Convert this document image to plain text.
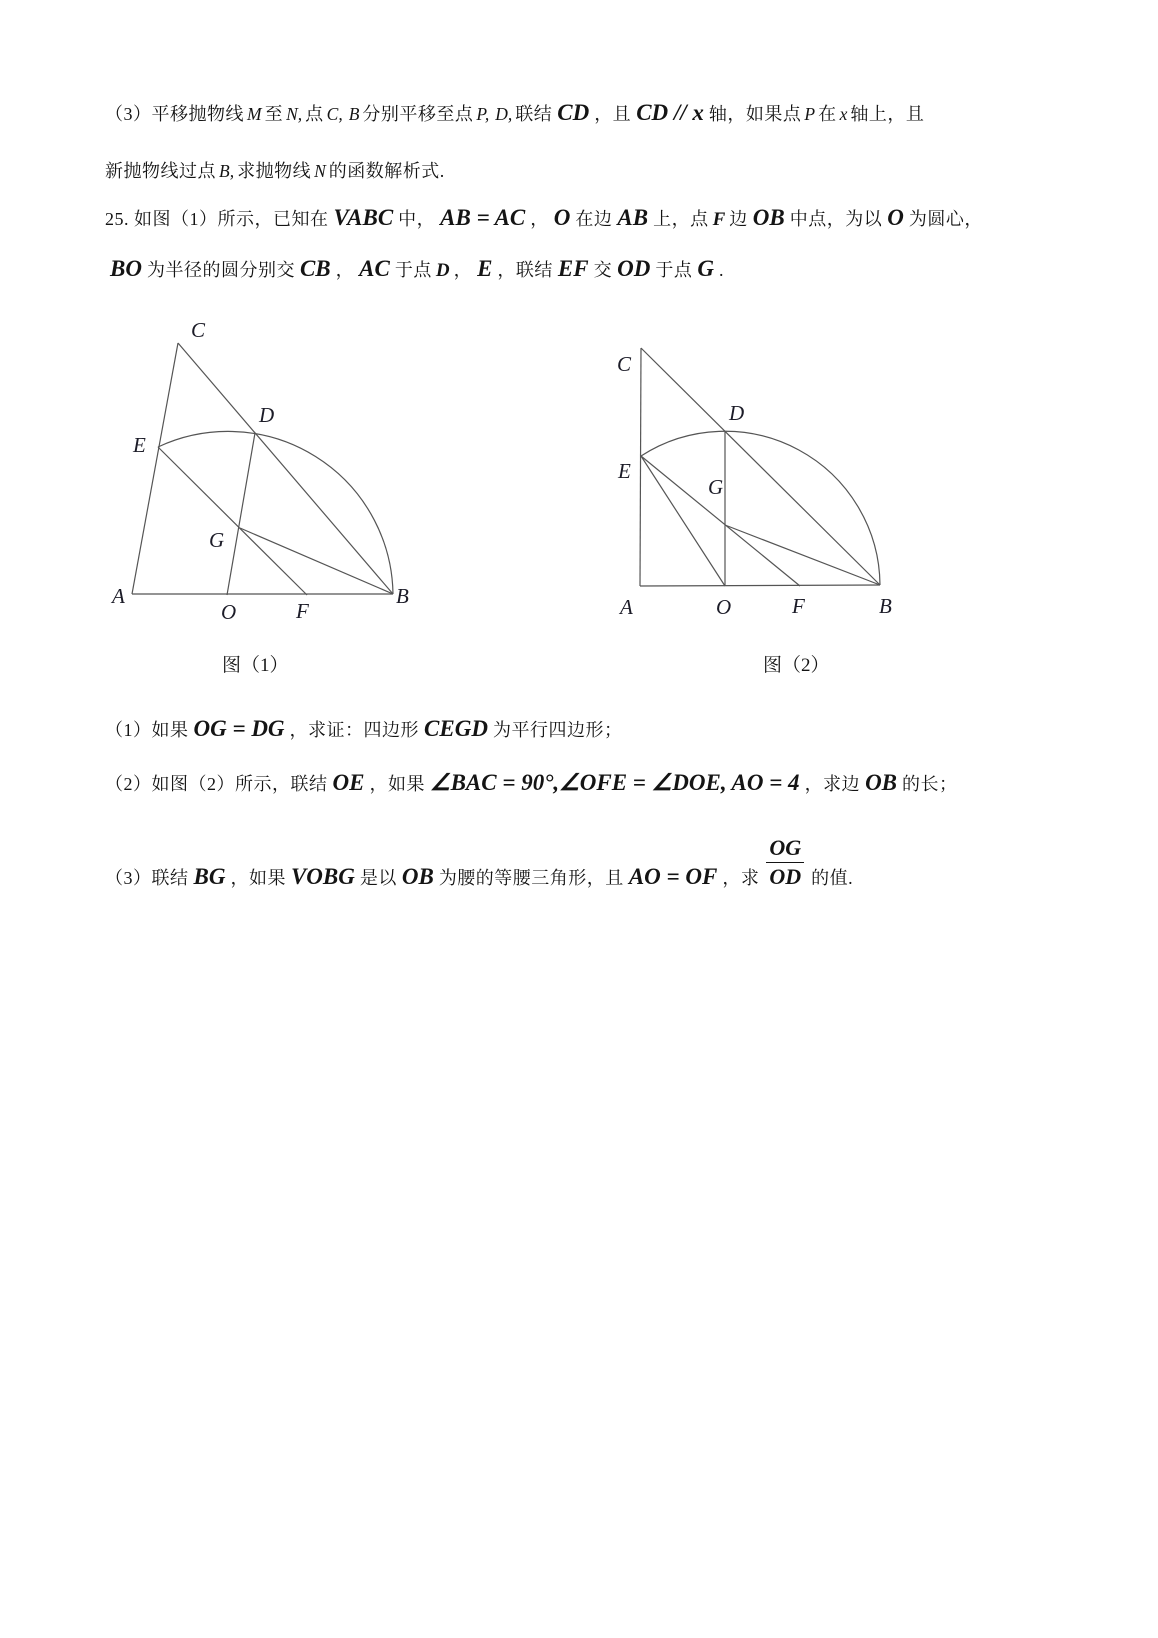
（3）平移抛物线 M 至 N, 点 C, B 分别平移至点 P, D, 联结 CD ，且 CD // x 轴，如果点 P 在 x 轴上，且
新抛物线过点 B, 求抛物线 N 的函数解析式.
25. 如图（1）所示，已知在 VABC 中， AB = AC ， O 在边 AB 上，点 F 边 OB 中点，为以 O 为圆心，
BO 为半径的圆分别交 CB ， AC 于点 D ， E ，联结 EF 交 OD 于点 G .
A	B
C
D
E
F
G
O
图（1）
A	B
C
D
E
F
G
O
图（2）
（1）如果 OG = DG ，求证：四边形 CEGD 为平行四边形；
（2）如图（2）所示，联结 OE ，如果 ∠BAC = 90°,∠OFE = ∠DOE, AO = 4 ，求边 OB 的长；
（3）联结 BG ，如果 VOBG 是以 OB 为腰的等腰三角形，且 AO = OF ，求 $\frac{OG}{OD}$ 的值.
